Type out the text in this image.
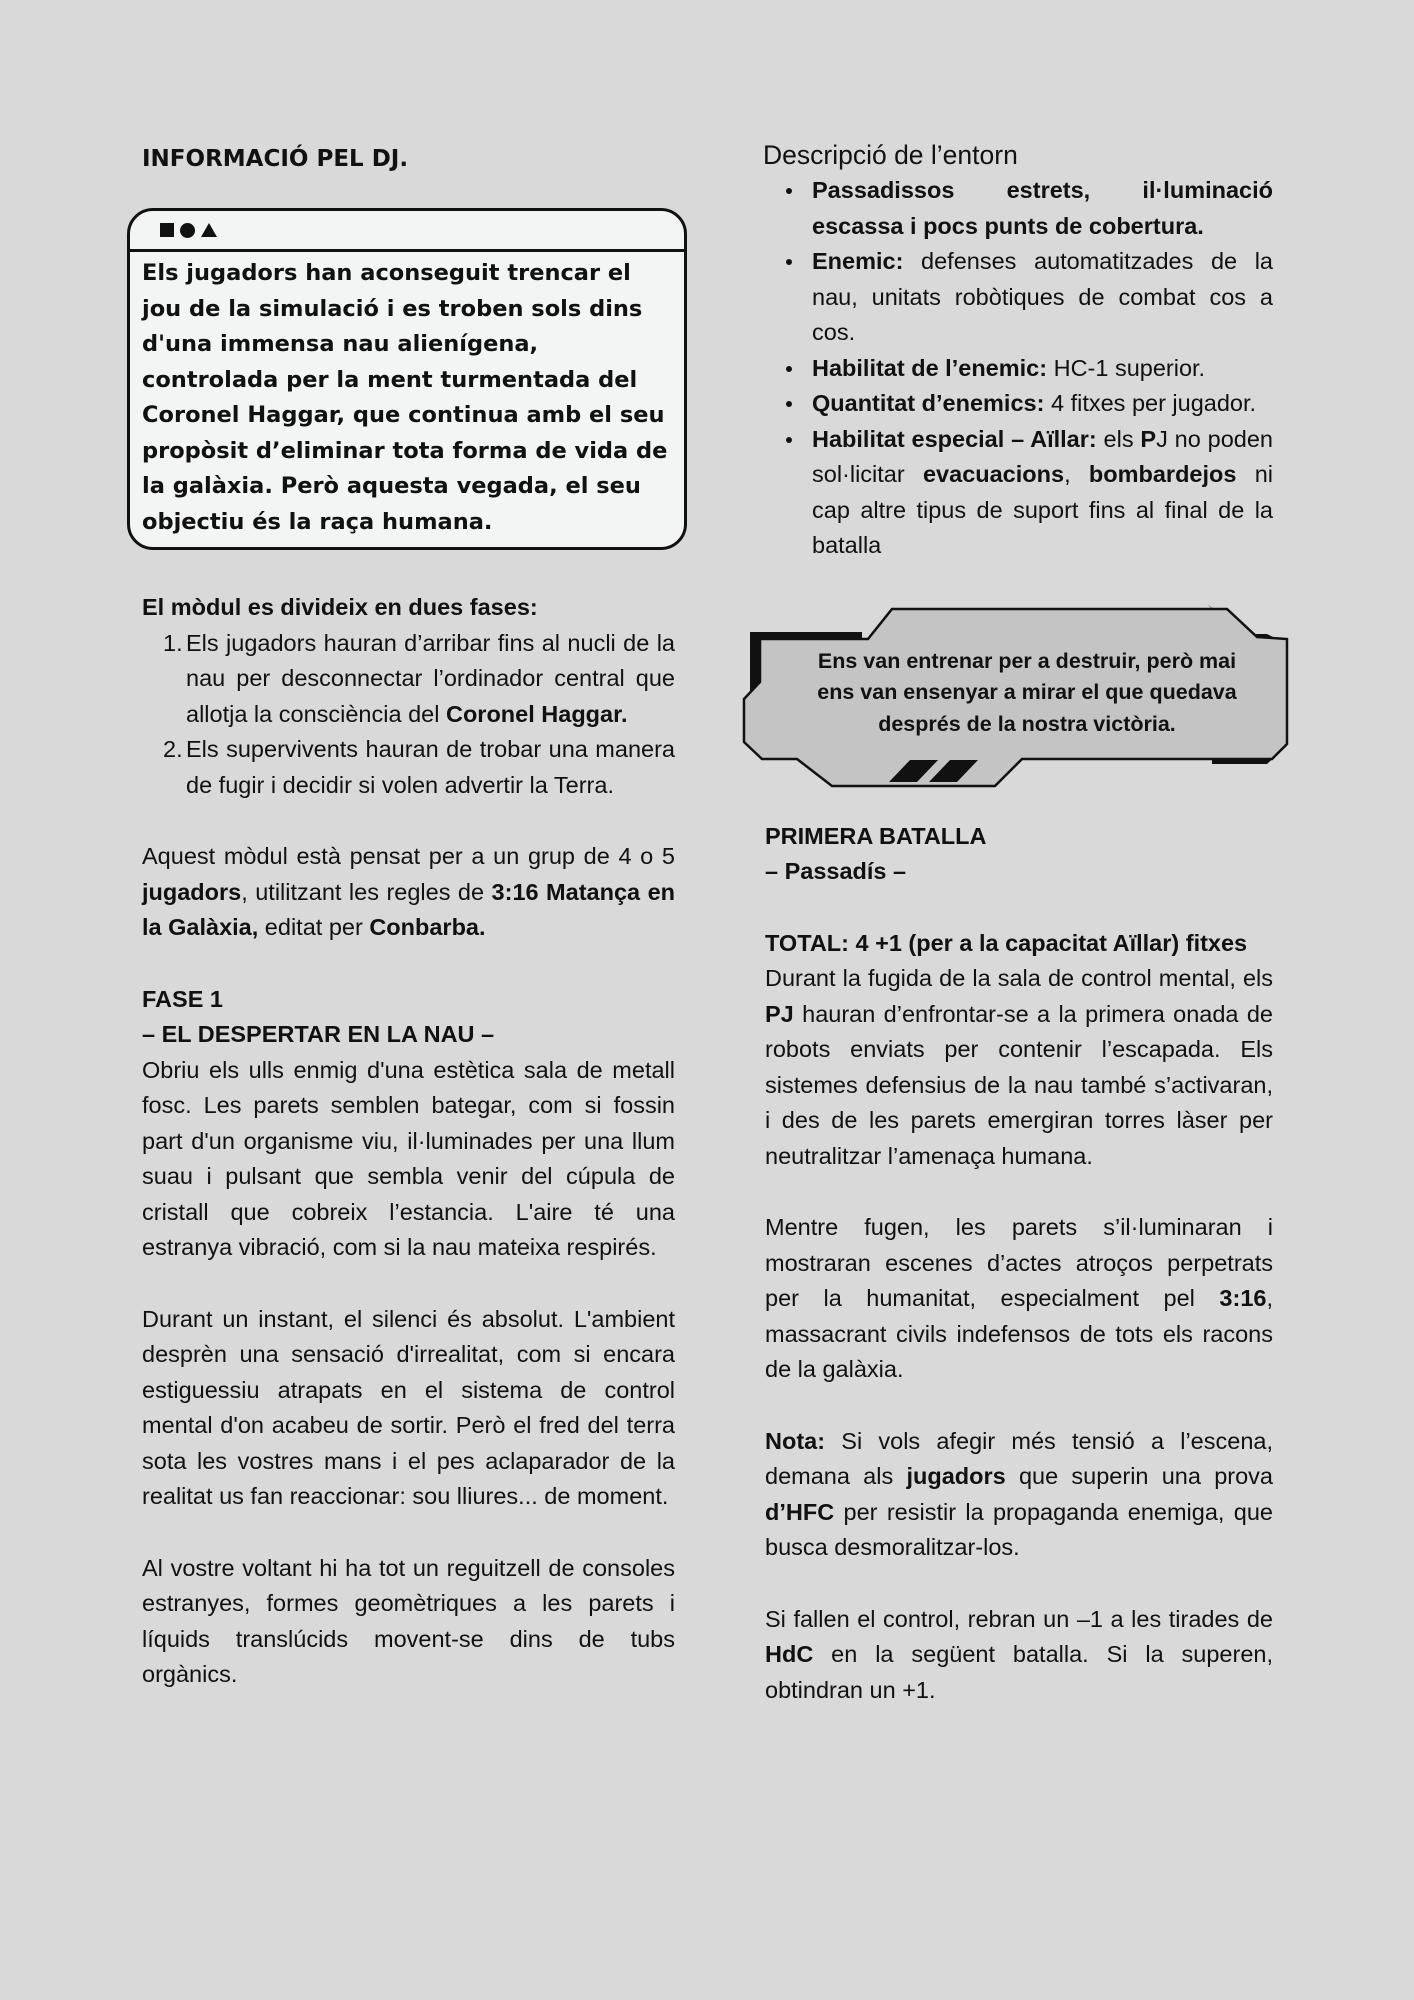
INFORMACIÓ PEL DJ.
Els jugadors han aconseguit trencar el jou de la simulació i es troben sols dins d'una immensa nau alienígena, controlada per la ment turmentada del Coronel Haggar, que continua amb el seu propòsit d’eliminar tota forma de vida de la galàxia. Però aquesta vegada, el seu objectiu és la raça humana.

El mòdul es divideix en dues fases:

1. Els jugadors hauran d’arribar fins al nucli de la nau per desconnectar l’ordinador central que allotja la consciència del Coronel Haggar.
2. Els supervivents hauran de trobar una manera de fugir i decidir si volen advertir la Terra.

Aquest mòdul està pensat per a un grup de 4 o 5 jugadors, utilitzant les regles de 3:16 Matança en la Galàxia, editat per Conbarba.

FASE 1

– EL DESPERTAR EN LA NAU –

Obriu els ulls enmig d'una estètica sala de metall fosc. Les parets semblen bategar, com si fossin part d'un organisme viu, il·luminades per una llum suau i pulsant que sembla venir del cúpula de cristall que cobreix l’estancia. L'aire té una estranya vibració, com si la nau mateixa respirés.

Durant un instant, el silenci és absolut. L'ambient desprèn una sensació d'irrealitat, com si encara estiguessiu atrapats en el sistema de control mental d'on acabeu de sortir. Però el fred del terra sota les vostres mans i el pes aclaparador de la realitat us fan reaccionar: sou lliures... de moment.

Al vostre voltant hi ha tot un reguitzell de consoles estranyes, formes geomètriques a les parets i líquids translúcids movent-se dins de tubs orgànics.

Descripció de l’entorn
Passadissos estrets, il·luminació escassa i pocs punts de cobertura.
Enemic: defenses automatitzades de la nau, unitats robòtiques de combat cos a cos.
Habilitat de l’enemic: HC-1 superior.
Quantitat d’enemics: 4 fitxes per jugador.
Habilitat especial – Aïllar: els PJ no poden sol·licitar evacuacions, bombardejos ni cap altre tipus de suport fins al final de la batalla
Ens van entrenar per a destruir, però mai ens van ensenyar a mirar el que quedava després de la nostra victòria.

PRIMERA BATALLA

– Passadís –

TOTAL: 4 +1 (per a la capacitat Aïllar) fitxes

Durant la fugida de la sala de control mental, els PJ hauran d’enfrontar-se a la primera onada de robots enviats per contenir l’escapada. Els sistemes defensius de la nau també s’activaran, i des de les parets emergiran torres làser per neutralitzar l’amenaça humana.

Mentre fugen, les parets s’il·luminaran i mostraran escenes d’actes atroços perpetrats per la humanitat, especialment pel 3:16, massacrant civils indefensos de tots els racons de la galàxia.

Nota: Si vols afegir més tensió a l’escena, demana als jugadors que superin una prova d’HFC per resistir la propaganda enemiga, que busca desmoralitzar-los.

Si fallen el control, rebran un –1 a les tirades de HdC en la següent batalla. Si la superen, obtindran un +1.
